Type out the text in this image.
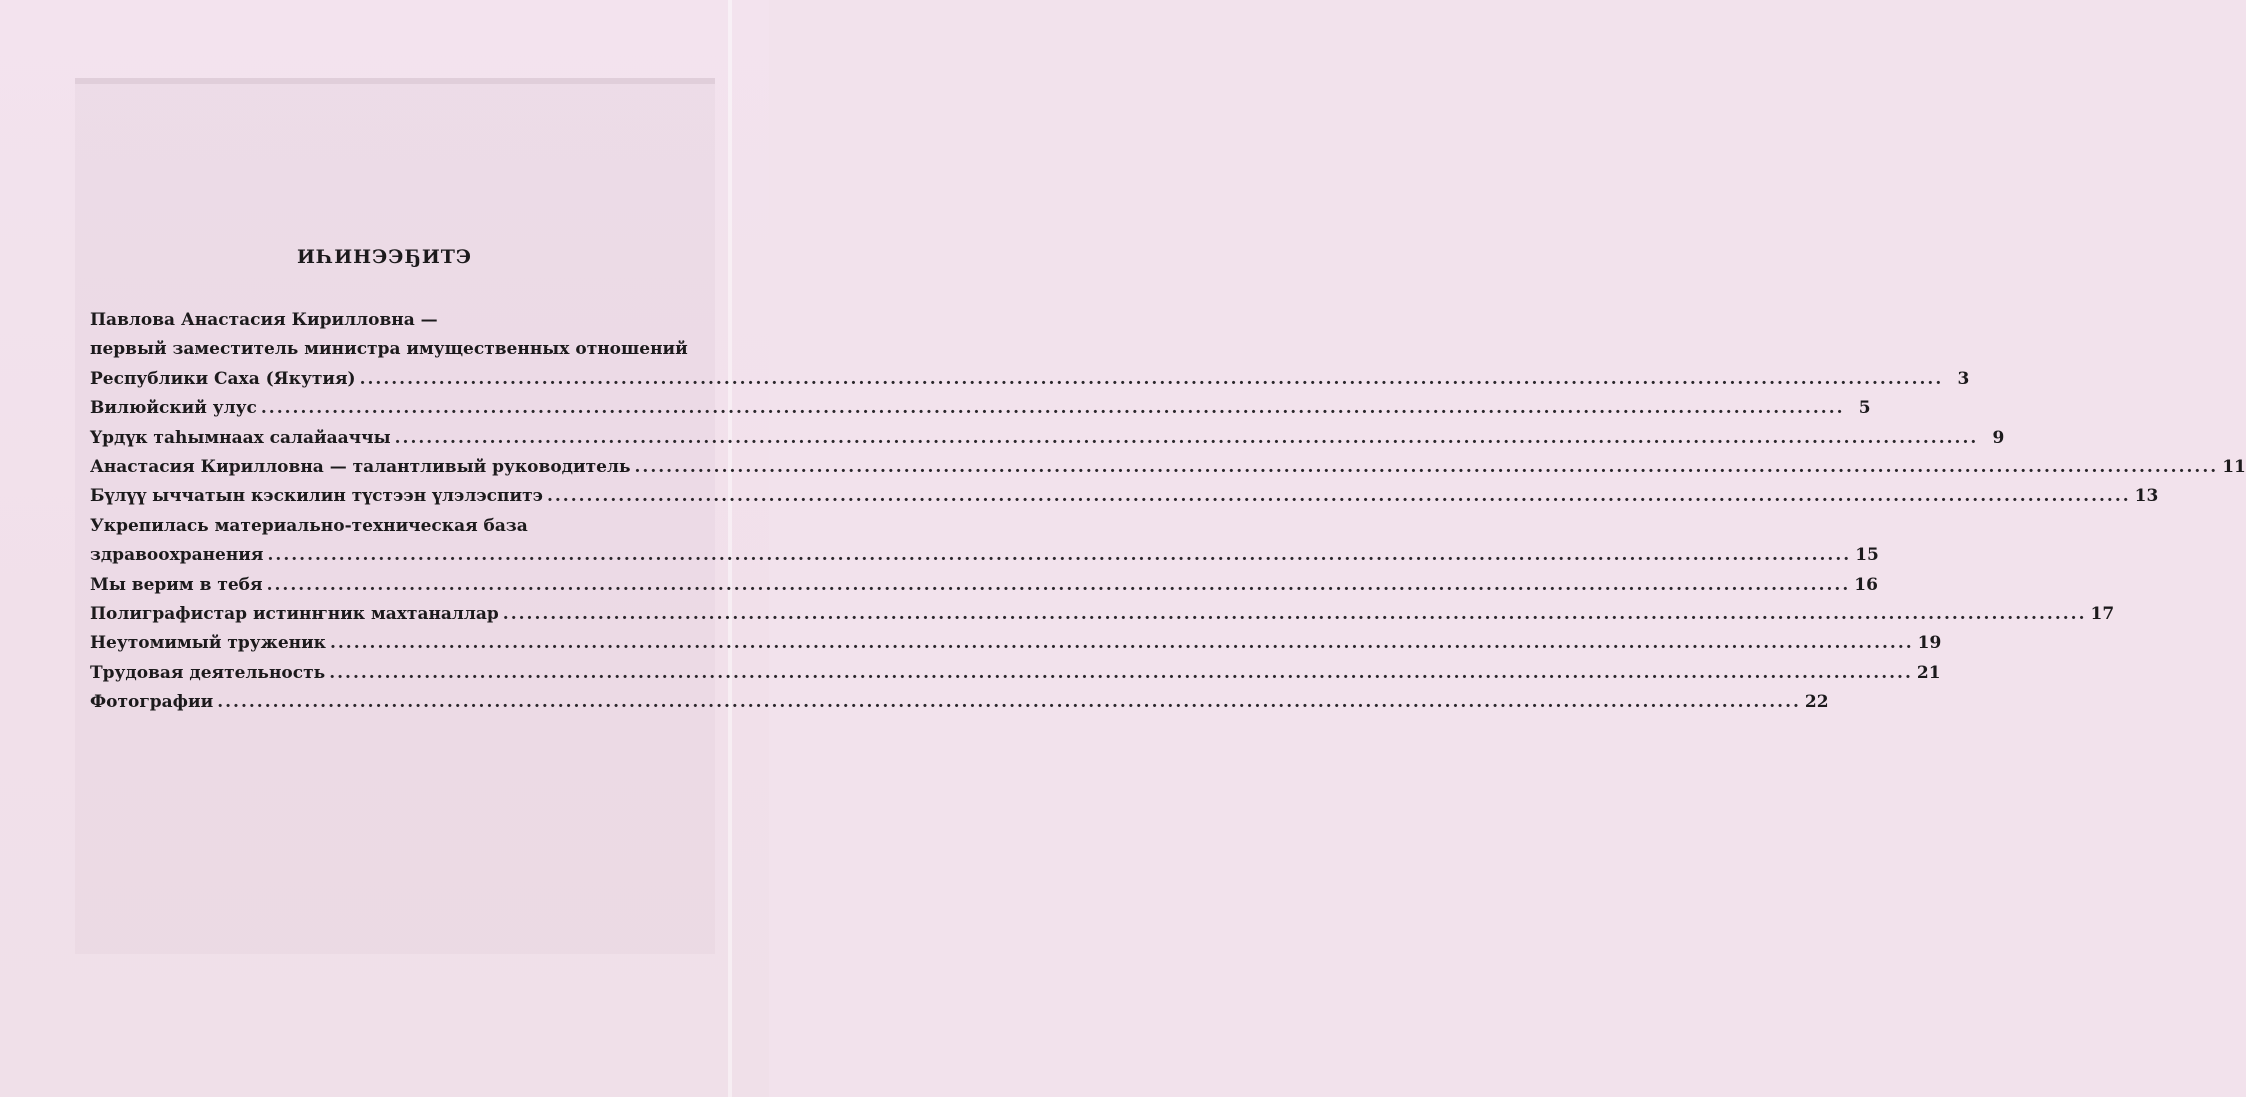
ИҺИНЭЭҔИТЭ
Павлова Анастасия Кирилловна —
первый заместитель министра имущественных отношений
Республики Саха (Якутия) ........................................................................................................................................................................................................ 3
Вилюйский улус ........................................................................................................................................................................................................ 5
Үрдүк таһымнаах салайааччы ........................................................................................................................................................................................................ 9
Анастасия Кирилловна — талантливый руководитель ........................................................................................................................................................................................................ 11
Бүлүү ыччатын кэскилин түстээн үлэлэспитэ ........................................................................................................................................................................................................ 13
Укрепилась материально-техническая база
здравоохранения ........................................................................................................................................................................................................ 15
Мы верим в тебя ........................................................................................................................................................................................................ 16
Полиграфистар истинҥник махтаналлар ........................................................................................................................................................................................................ 17
Неутомимый труженик ........................................................................................................................................................................................................ 19
Трудовая деятельность ........................................................................................................................................................................................................ 21
Фотографии ........................................................................................................................................................................................................ 22
